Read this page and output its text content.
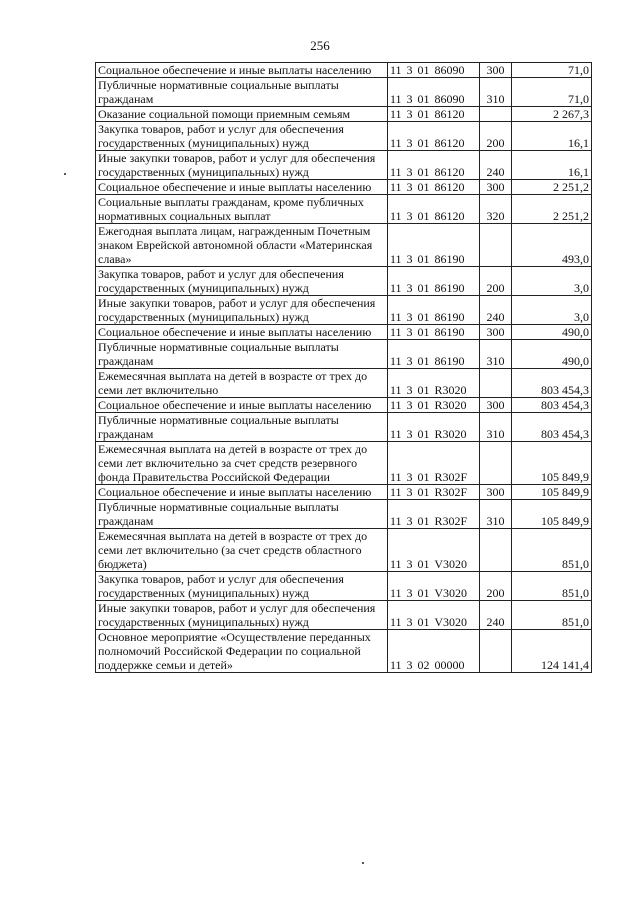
256
Социальное обеспечение и иные выплаты населению	11 3 01 86090	300	71,0
Публичные нормативные социальные выплаты гражданам	11 3 01 86090	310	71,0
Оказание социальной помощи приемным семьям	11 3 01 86120		2 267,3
Закупка товаров, работ и услуг для обеспечения государственных (муниципальных) нужд	11 3 01 86120	200	16,1
Иные закупки товаров, работ и услуг для обеспечения государственных (муниципальных) нужд	11 3 01 86120	240	16,1
Социальное обеспечение и иные выплаты населению	11 3 01 86120	300	2 251,2
Социальные выплаты гражданам, кроме публичных нормативных социальных выплат	11 3 01 86120	320	2 251,2
Ежегодная выплата лицам, награжденным Почетным знаком Еврейской автономной области «Материнская слава»	11 3 01 86190		493,0
Закупка товаров, работ и услуг для обеспечения государственных (муниципальных) нужд	11 3 01 86190	200	3,0
Иные закупки товаров, работ и услуг для обеспечения государственных (муниципальных) нужд	11 3 01 86190	240	3,0
Социальное обеспечение и иные выплаты населению	11 3 01 86190	300	490,0
Публичные нормативные социальные выплаты гражданам	11 3 01 86190	310	490,0
Ежемесячная выплата на детей в возрасте от трех до семи лет включительно	11 3 01 R3020		803 454,3
Социальное обеспечение и иные выплаты населению	11 3 01 R3020	300	803 454,3
Публичные нормативные социальные выплаты гражданам	11 3 01 R3020	310	803 454,3
Ежемесячная выплата на детей в возрасте от трех до семи лет включительно за счет средств резервного фонда Правительства Российской Федерации	11 3 01 R302F		105 849,9
Социальное обеспечение и иные выплаты населению	11 3 01 R302F	300	105 849,9
Публичные нормативные социальные выплаты гражданам	11 3 01 R302F	310	105 849,9
Ежемесячная выплата на детей в возрасте от трех до семи лет включительно (за счет средств областного бюджета)	11 3 01 V3020		851,0
Закупка товаров, работ и услуг для обеспечения государственных (муниципальных) нужд	11 3 01 V3020	200	851,0
Иные закупки товаров, работ и услуг для обеспечения государственных (муниципальных) нужд	11 3 01 V3020	240	851,0
Основное мероприятие «Осуществление переданных полномочий Российской Федерации по социальной поддержке семьи и детей»	11 3 02 00000		124 141,4
